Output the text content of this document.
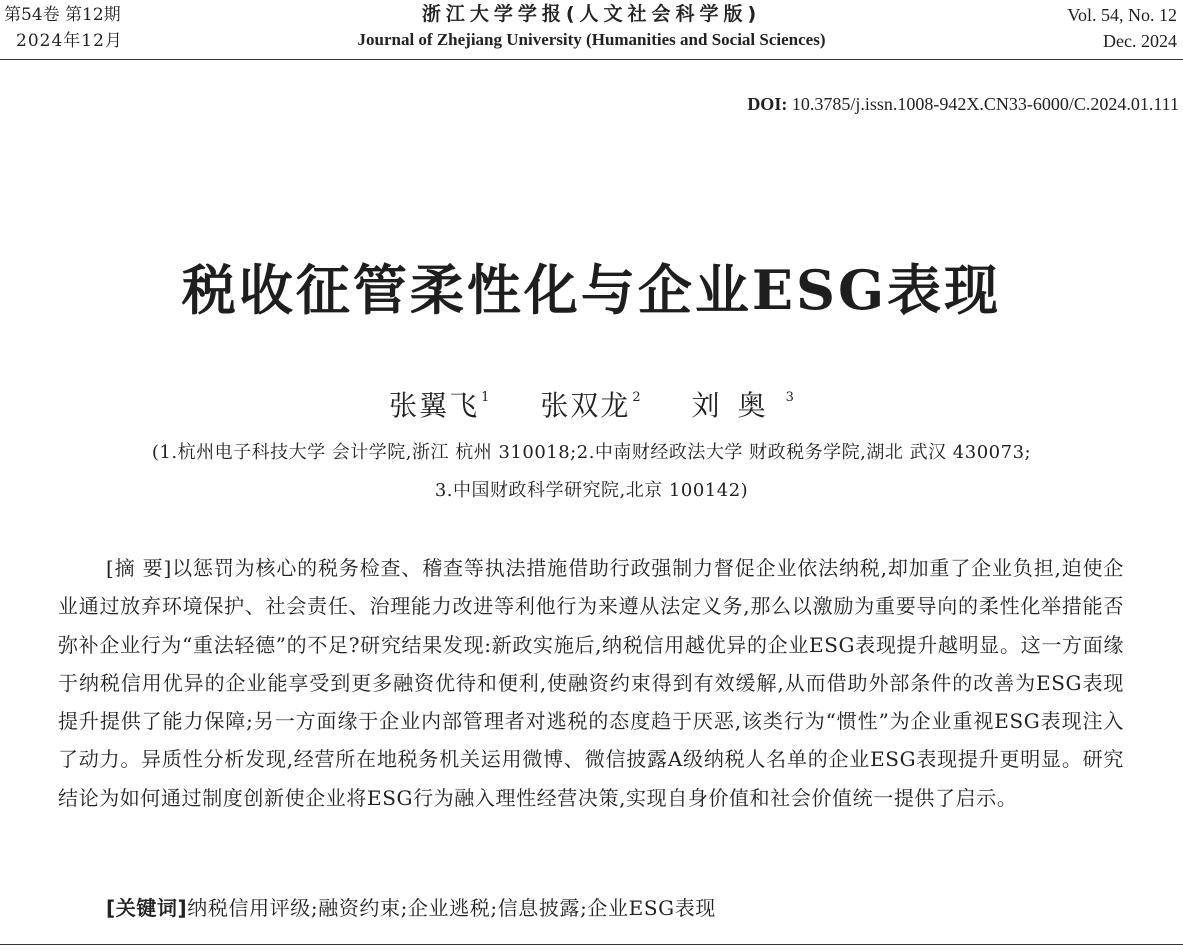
第54卷 第12期
2024年12月
浙江大学学报(人文社会科学版)
Journal of Zhejiang University (Humanities and Social Sciences)
Vol. 54, No. 12
Dec. 2024
DOI: 10.3785/j.issn.1008-942X.CN33-6000/C.2024.01.111
税收征管柔性化与企业ESG表现
张翼飞 $^1$ 张双龙 $^2$ 刘奥 $^3$
(1.杭州电子科技大学 会计学院,浙江 杭州 310018;2.中南财经政法大学 财政税务学院,湖北 武汉 430073;
3.中国财政科学研究院,北京 100142)
[摘 要]以惩罚为核心的税务检查、稽查等执法措施借助行政强制力督促企业依法纳税,却加重了企业负担,迫使企业通过放弃环境保护、社会责任、治理能力改进等利他行为来遵从法定义务,那么以激励为重要导向的柔性化举措能否弥补企业行为“重法轻德”的不足?研究结果发现:新政实施后,纳税信用越优异的企业ESG表现提升越明显。这一方面缘于纳税信用优异的企业能享受到更多融资优待和便利,使融资约束得到有效缓解,从而借助外部条件的改善为ESG表现提升提供了能力保障;另一方面缘于企业内部管理者对逃税的态度趋于厌恶,该类行为“惯性”为企业重视ESG表现注入了动力。异质性分析发现,经营所在地税务机关运用微博、微信披露A级纳税人名单的企业ESG表现提升更明显。研究结论为如何通过制度创新使企业将ESG行为融入理性经营决策,实现自身价值和社会价值统一提供了启示。
[关键词]纳税信用评级;融资约束;企业逃税;信息披露;企业ESG表现
